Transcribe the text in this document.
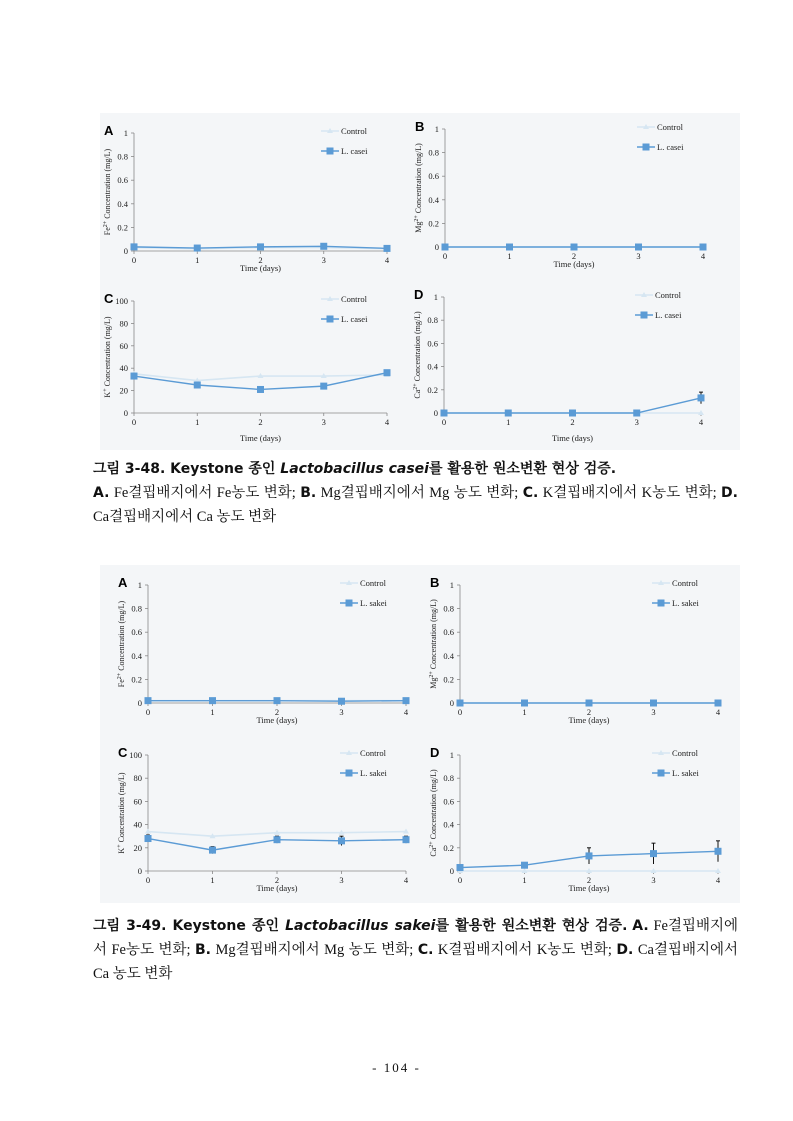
A
0
0.2
0.4
0.6
0.8
1
0	1	2	3	4
Time (days)
$Fe^{2+}$ Concentration (mg/L)
Control
L. casei
B
0
0.2
0.4
0.6
0.8
1
0	1	2	3	4
Time (days)
$Mg^{2+}$ Concentration (mg/L)
Control
L. casei
C
0
20
40
60
80
100
0	1	2	3	4
Time (days)
K+ Concentration (mg/L)
Control
L. casei
D
0
0.2
0.4
0.6
0.8
1
0	1	2	3	4
Time (days)
$Ca^{2+}$ Concentration (mg/L)
Control
L. casei
그림 3-48. Keystone 종인 Lactobacillus casei를 활용한 원소변환 현상 검증.
A. Fe결핍배지에서 Fe농도 변화; B. Mg결핍배지에서 Mg 농도 변화; C. K결핍배지에서 K농도 변화; D. Ca결핍배지에서 Ca 농도 변화
A
0
0.2
0.4
0.6
0.8
1
0	1	2	3	4
Time (days)
$Fe^{2+}$ Concentration (mg/L)
Control
L. sakei
B
0
0.2
0.4
0.6
0.8
1
0	1	2	3	4
Time (days)
$Mg^{2+}$ Concentration (mg/L)
Control
L. sakei
C
0
20
40
60
80
100
0	1	2	3	4
Time (days)
K+ Concentration (mg/L)
Control
L. sakei
D
0
0.2
0.4
0.6
0.8
1
0	1	2	3	4
Time (days)
$Ca^{2+}$ Concentration (mg/L)
Control
L. sakei
그림 3-49. Keystone 종인 Lactobacillus sakei를 활용한 원소변환 현상 검증. A. Fe결핍배지에서 Fe농도 변화; B. Mg결핍배지에서 Mg 농도 변화; C. K결핍배지에서 K농도 변화; D. Ca결핍배지에서 Ca 농도 변화
- 104 -
